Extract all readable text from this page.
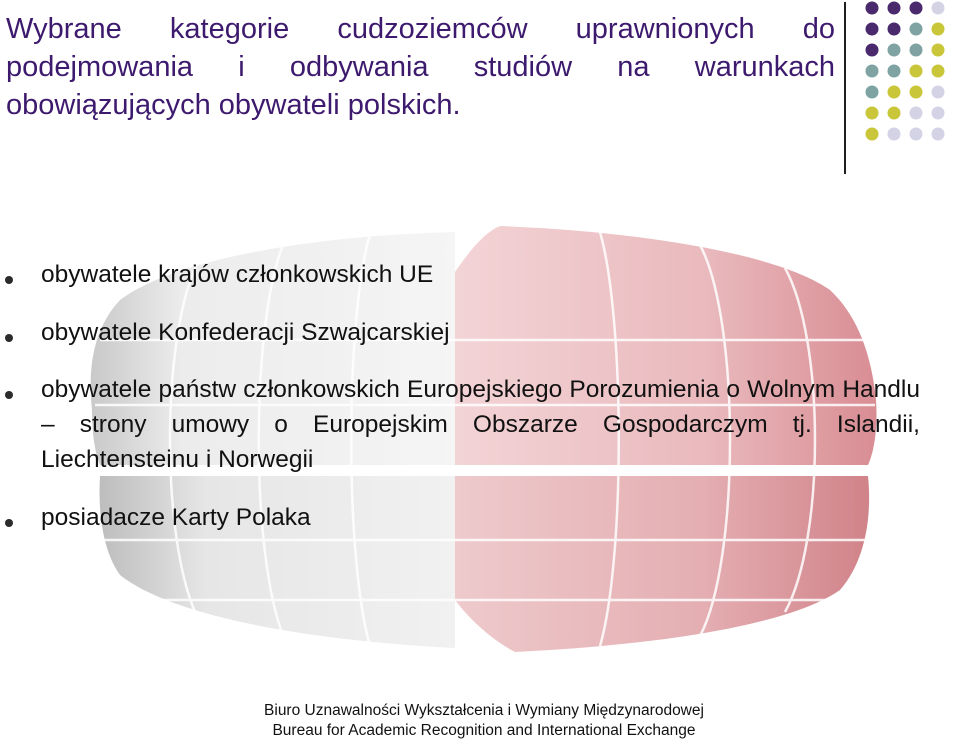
Wybrane kategorie cudzoziemców uprawnionych do podejmowania i odbywania studiów na warunkach obowiązujących obywateli polskich.
obywatele krajów członkowskich UE
obywatele Konfederacji Szwajcarskiej
obywatele państw członkowskich Europejskiego Porozumienia o Wolnym Handlu – strony umowy o Europejskim Obszarze Gospodarczym tj. Islandii, Liechtensteinu i Norwegii
posiadacze Karty Polaka
Biuro Uznawalności Wykształcenia i Wymiany Międzynarodowej
Bureau for Academic Recognition and International Exchange
